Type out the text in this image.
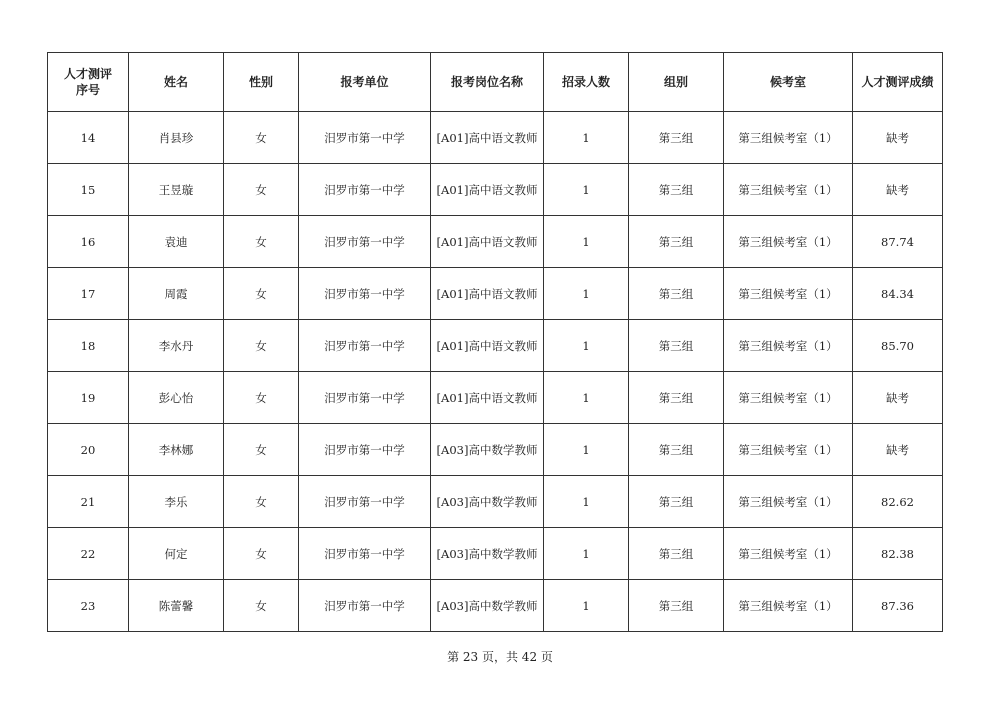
人才测评
序号	姓名	性别	报考单位	报考岗位名称	招录人数	组别	候考室	人才测评成绩

14	肖县珍	女	汨罗市第一中学	[A01]高中语文教师	1	第三组	第三组候考室（1）	缺考
15	王昱璇	女	汨罗市第一中学	[A01]高中语文教师	1	第三组	第三组候考室（1）	缺考
16	袁迪	女	汨罗市第一中学	[A01]高中语文教师	1	第三组	第三组候考室（1）	87.74
17	周霞	女	汨罗市第一中学	[A01]高中语文教师	1	第三组	第三组候考室（1）	84.34
18	李水丹	女	汨罗市第一中学	[A01]高中语文教师	1	第三组	第三组候考室（1）	85.70
19	彭心怡	女	汨罗市第一中学	[A01]高中语文教师	1	第三组	第三组候考室（1）	缺考
20	李林娜	女	汨罗市第一中学	[A03]高中数学教师	1	第三组	第三组候考室（1）	缺考
21	李乐	女	汨罗市第一中学	[A03]高中数学教师	1	第三组	第三组候考室（1）	82.62
22	何定	女	汨罗市第一中学	[A03]高中数学教师	1	第三组	第三组候考室（1）	82.38
23	陈蕾馨	女	汨罗市第一中学	[A03]高中数学教师	1	第三组	第三组候考室（1）	87.36
第 23 页，共 42 页
